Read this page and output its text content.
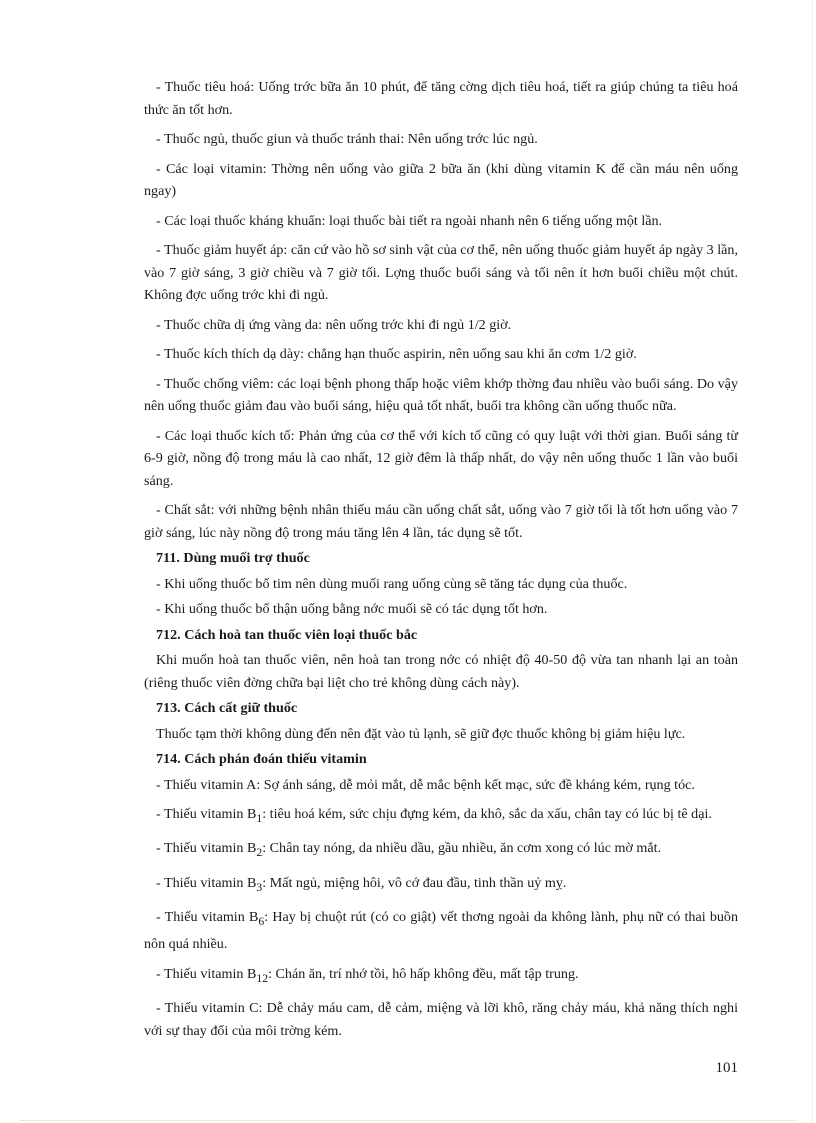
- Thuốc tiêu hoá: Uống trớc bữa ăn 10 phút, để tăng cờng dịch tiêu hoá, tiết ra giúp chúng ta tiêu hoá thức ăn tốt hơn.

- Thuốc ngủ, thuốc giun và thuốc tránh thai: Nên uống trớc lúc ngủ.

- Các loại vitamin: Thờng nên uống vào giữa 2 bữa ăn (khi dùng vitamin K để cần máu nên uống ngay)

- Các loại thuốc kháng khuẩn: loại thuốc bài tiết ra ngoài nhanh nên 6 tiếng uống một lần.

- Thuốc giảm huyết áp: căn cứ vào hồ sơ sinh vật của cơ thể, nên uống thuốc giảm huyết áp ngày 3 lần, vào 7 giờ sáng, 3 giờ chiều và 7 giờ tối. Lợng thuốc buổi sáng và tối nên ít hơn buổi chiều một chút. Không đợc uống trớc khi đi ngủ.

- Thuốc chữa dị ứng vàng da: nên uống trớc khi đi ngủ 1/2 giờ.

- Thuốc kích thích dạ dày: chẳng hạn thuốc aspirin, nên uống sau khi ăn cơm 1/2 giờ.

- Thuốc chống viêm: các loại bệnh phong thấp hoặc viêm khớp thờng đau nhiều vào buổi sáng. Do vậy nên uống thuốc giảm đau vào buổi sáng, hiệu quả tốt nhất, buổi tra không cần uống thuốc nữa.

- Các loại thuốc kích tố: Phản ứng của cơ thể với kích tố cũng có quy luật với thời gian. Buổi sáng từ 6-9 giờ, nồng độ trong máu là cao nhất, 12 giờ đêm là thấp nhất, do vậy nên uống thuốc 1 lần vào buổi sáng.

- Chất sắt: với những bệnh nhân thiếu máu cần uống chất sắt, uống vào 7 giờ tối là tốt hơn uống vào 7 giờ sáng, lúc này nồng độ trong máu tăng lên 4 lần, tác dụng sẽ tốt.

711. Dùng muối trợ thuốc

- Khi uống thuốc bổ tim nên dùng muối rang uống cùng sẽ tăng tác dụng của thuốc.

- Khi uống thuốc bổ thận uống bằng nớc muối sẽ có tác dụng tốt hơn.

712. Cách hoà tan thuốc viên loại thuốc bắc

Khi muốn hoà tan thuốc viên, nên hoà tan trong nớc có nhiệt độ 40-50 độ vừa tan nhanh lại an toàn (riêng thuốc viên đờng chữa bại liệt cho trẻ không dùng cách này).

713. Cách cất giữ thuốc

Thuốc tạm thời không dùng đến nên đặt vào tủ lạnh, sẽ giữ đợc thuốc không bị giảm hiệu lực.

714. Cách phán đoán thiếu vitamin

- Thiếu vitamin A: Sợ ánh sáng, dễ mỏi mắt, dễ mắc bệnh kết mạc, sức đề kháng kém, rụng tóc.

- Thiếu vitamin $B_1$: tiêu hoá kém, sức chịu đựng kém, da khô, sắc da xấu, chân tay có lúc bị tê dại.

- Thiếu vitamin $B_2$: Chân tay nóng, da nhiều dầu, gầu nhiều, ăn cơm xong có lúc mờ mắt.

- Thiếu vitamin $B_3$: Mất ngủ, miệng hôi, vô cớ đau đầu, tinh thần uỷ mỵ.

- Thiếu vitamin $B_6$: Hay bị chuột rút (có co giật) vết thơng ngoài da không lành, phụ nữ có thai buồn nôn quá nhiều.

- Thiếu vitamin $B_{12}$: Chán ăn, trí nhớ tồi, hô hấp không đều, mất tập trung.

- Thiếu vitamin C: Dễ chảy máu cam, dễ cảm, miệng và lỡi khô, răng chảy máu, khả năng thích nghi với sự thay đổi của môi trờng kém.

101
